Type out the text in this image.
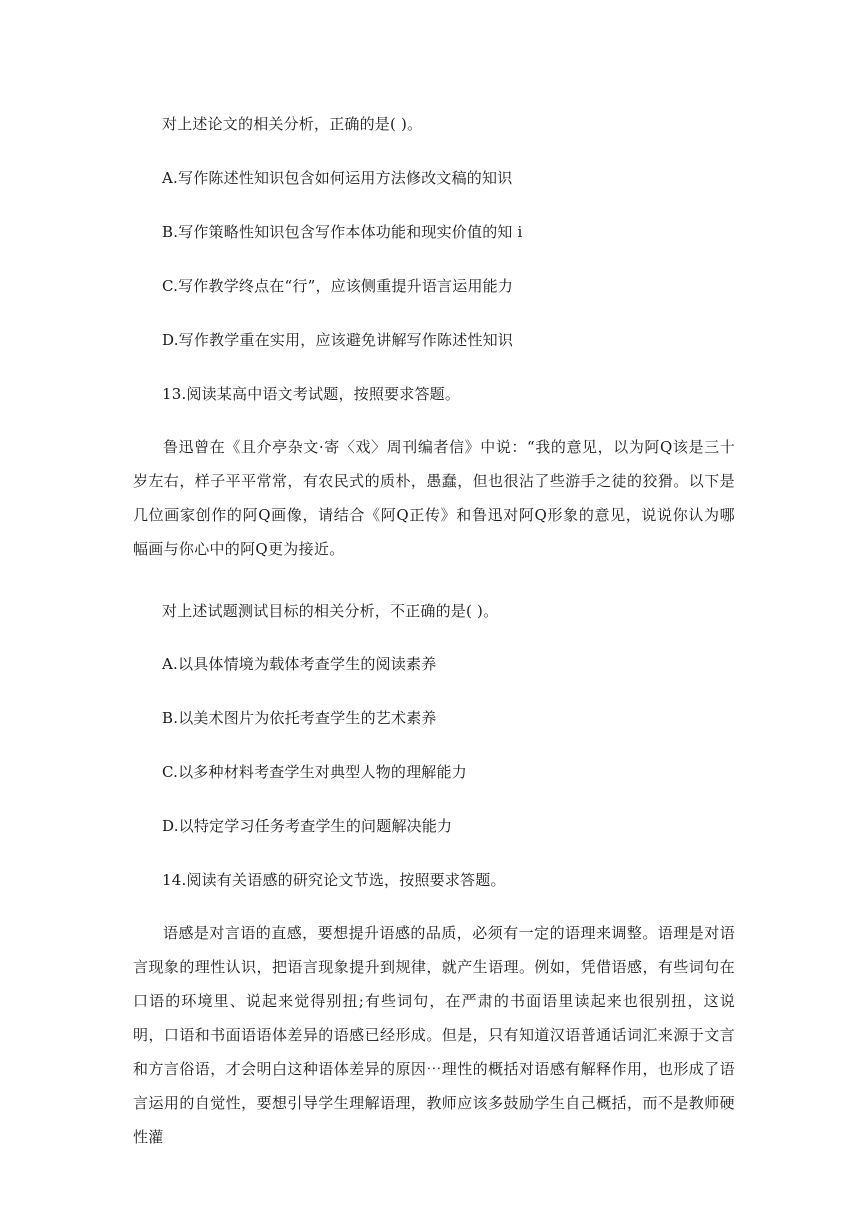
对上述论文的相关分析，正确的是( )。
A.写作陈述性知识包含如何运用方法修改文稿的知识
B.写作策略性知识包含写作本体功能和现实价值的知 i
C.写作教学终点在“行”，应该侧重提升语言运用能力
D.写作教学重在实用，应该避免讲解写作陈述性知识
13.阅读某高中语文考试题，按照要求答题。
鲁迅曾在《且介亭杂文·寄〈戏〉周刊编者信》中说：“我的意见，以为阿Q该是三十岁左右，样子平平常常，有农民式的质朴，愚蠢，但也很沾了些游手之徒的狡猾。以下是几位画家创作的阿Q画像，请结合《阿Q正传》和鲁迅对阿Q形象的意见，说说你认为哪幅画与你心中的阿Q更为接近。
对上述试题测试目标的相关分析，不正确的是( )。
A.以具体情境为载体考查学生的阅读素养
B.以美术图片为依托考查学生的艺术素养
C.以多种材料考查学生对典型人物的理解能力
D.以特定学习任务考查学生的问题解决能力
14.阅读有关语感的研究论文节选，按照要求答题。
语感是对言语的直感，要想提升语感的品质，必须有一定的语理来调整。语理是对语言现象的理性认识，把语言现象提升到规律，就产生语理。例如，凭借语感，有些词句在口语的环境里、说起来觉得别扭;有些词句，在严肃的书面语里读起来也很别扭，这说明，口语和书面语语体差异的语感已经形成。但是，只有知道汉语普通话词汇来源于文言和方言俗语，才会明白这种语体差异的原因⋯理性的概括对语感有解释作用，也形成了语言运用的自觉性，要想引导学生理解语理，教师应该多鼓励学生自己概括，而不是教师硬性灌
